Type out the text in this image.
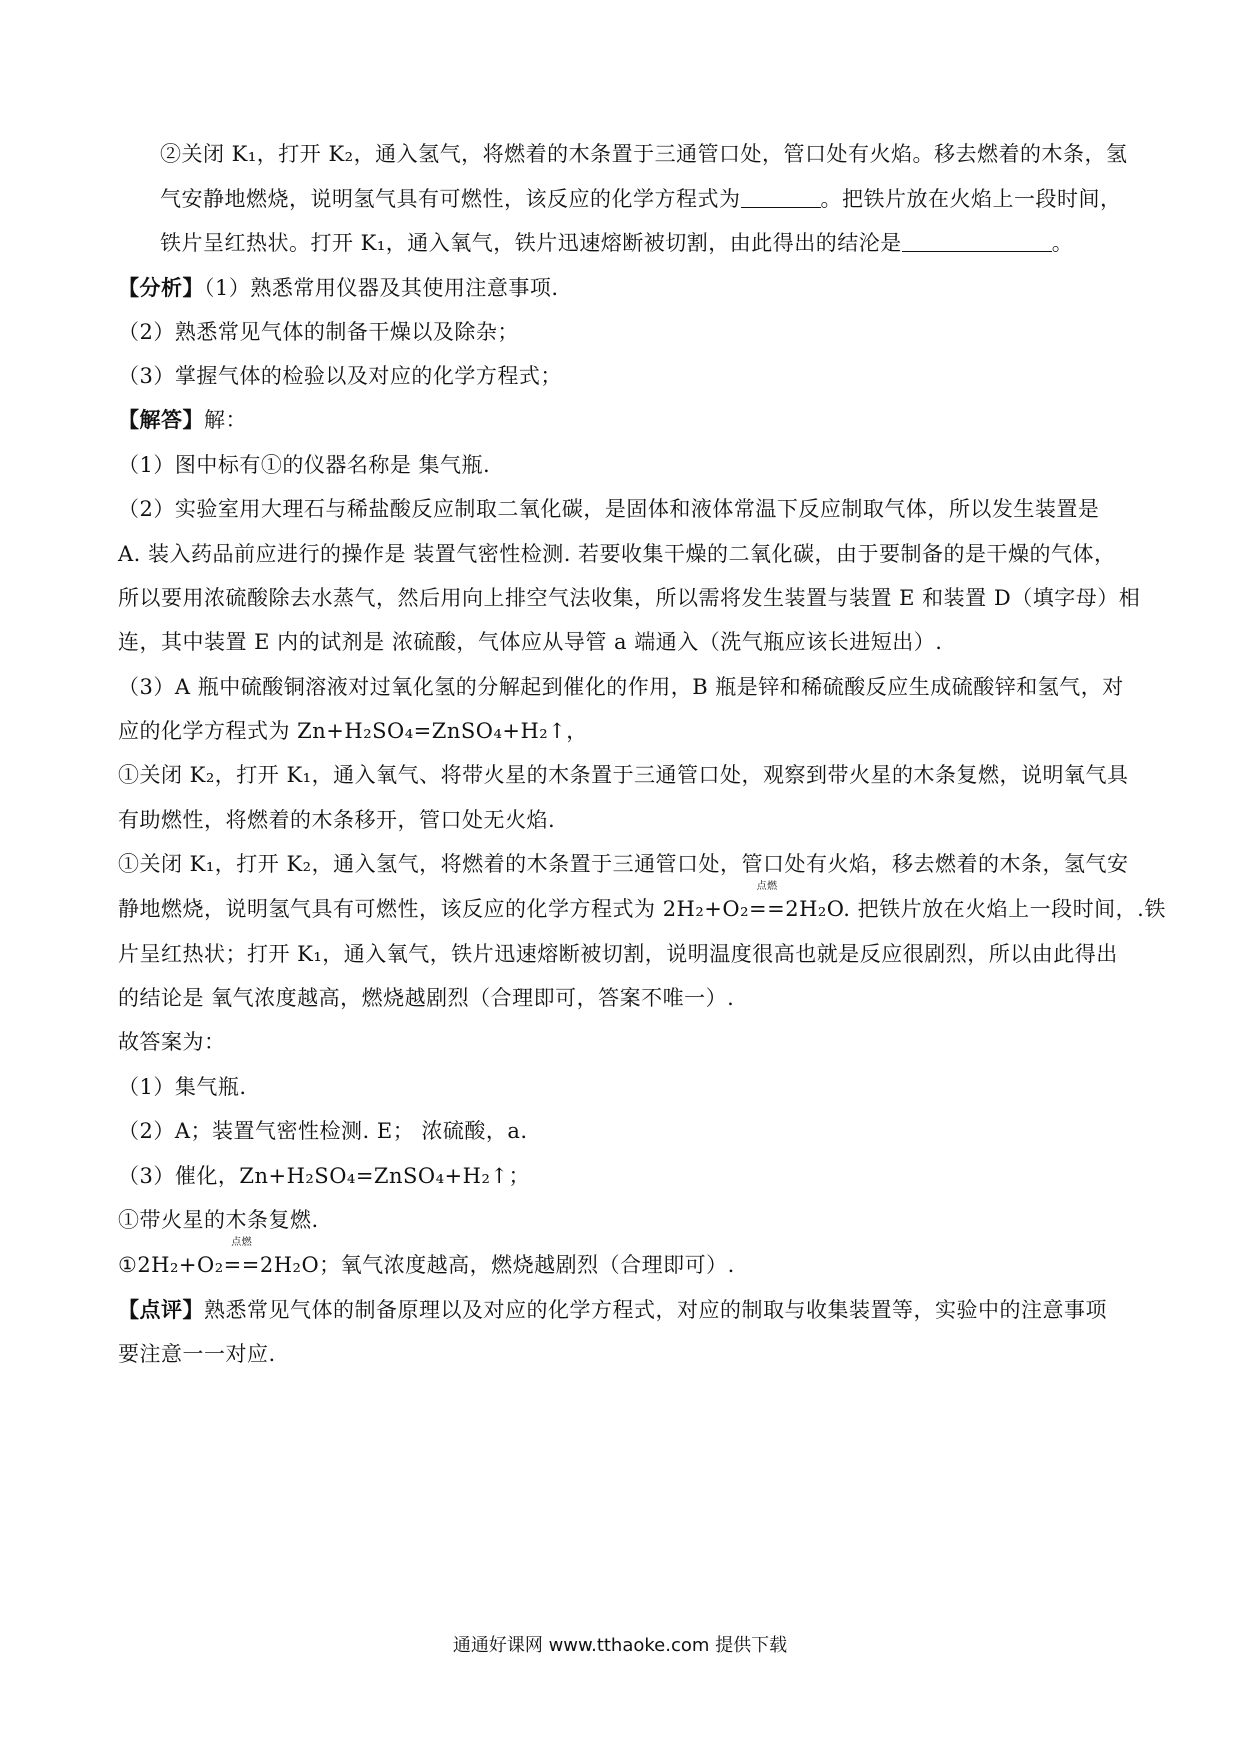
②关闭 K₁，打开 K₂，通入氢气，将燃着的木条置于三通管口处，管口处有火焰。移去燃着的木条，氢
气安静地燃烧，说明氢气具有可燃性，该反应的化学方程式为	。把铁片放在火焰上一段时间，
铁片呈红热状。打开 K₁，通入氧气，铁片迅速熔断被切割，由此得出的结沦是	。
【分析】（1）熟悉常用仪器及其使用注意事项.
（2）熟悉常见气体的制备干燥以及除杂；
（3）掌握气体的检验以及对应的化学方程式；
【解答】解：
（1）图中标有①的仪器名称是 集气瓶.
（2）实验室用大理石与稀盐酸反应制取二氧化碳，是固体和液体常温下反应制取气体，所以发生装置是
A. 装入药品前应进行的操作是 装置气密性检测. 若要收集干燥的二氧化碳，由于要制备的是干燥的气体，
所以要用浓硫酸除去水蒸气，然后用向上排空气法收集，所以需将发生装置与装置 E 和装置 D（填字母）相
连，其中装置 E 内的试剂是 浓硫酸，气体应从导管 a 端通入（洗气瓶应该长进短出）.
（3）A 瓶中硫酸铜溶液对过氧化氢的分解起到催化的作用，B 瓶是锌和稀硫酸反应生成硫酸锌和氢气，对
应的化学方程式为 Zn+H₂SO₄=ZnSO₄+H₂↑，
①关闭 K₂，打开 K₁，通入氧气、将带火星的木条置于三通管口处，观察到带火星的木条复燃，说明氧气具
有助燃性，将燃着的木条移开，管口处无火焰.
①关闭 K₁，打开 K₂，通入氢气，将燃着的木条置于三通管口处，管口处有火焰，移去燃着的木条，氢气安
静地燃烧，说明氢气具有可燃性，该反应的化学方程式为 2H₂+O₂
点燃
==2H₂O. 把铁片放在火焰上一段时间，.铁
片呈红热状；打开 K₁，通入氧气，铁片迅速熔断被切割，说明温度很高也就是反应很剧烈，所以由此得出
的结论是 氧气浓度越高，燃烧越剧烈（合理即可，答案不唯一）.
故答案为：
（1）集气瓶.
（2）A；装置气密性检测. E； 浓硫酸，a.
（3）催化，Zn+H₂SO₄=ZnSO₄+H₂↑；
①带火星的木条复燃.
①2H₂+O₂
点燃
==2H₂O；氧气浓度越高，燃烧越剧烈（合理即可）.
【点评】熟悉常见气体的制备原理以及对应的化学方程式，对应的制取与收集装置等，实验中的注意事项
要注意一一对应.
通通好课网 www.tthaoke.com 提供下载
